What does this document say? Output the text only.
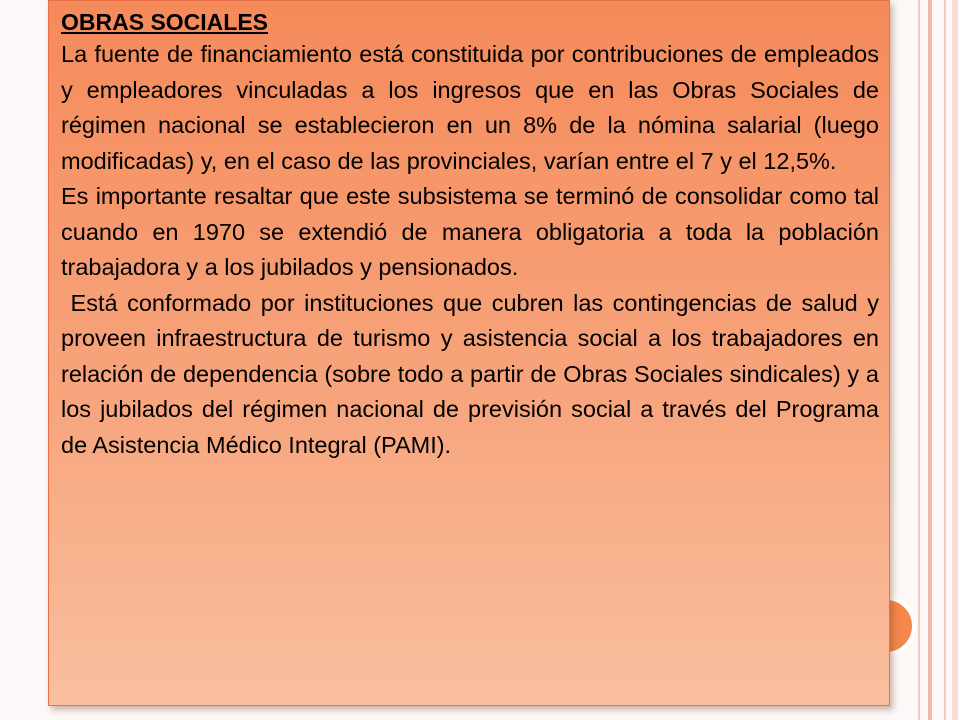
OBRAS SOCIALES

La fuente de financiamiento está constituida por contribuciones de empleados y empleadores vinculadas a los ingresos que en las Obras Sociales de régimen nacional se establecieron en un 8% de la nómina salarial (luego modificadas) y, en el caso de las provinciales, varían entre el 7 y el 12,5%.

Es importante resaltar que este subsistema se terminó de consolidar como tal cuando en 1970 se extendió de manera obligatoria a toda la población trabajadora y a los jubilados y pensionados.

Está conformado por instituciones que cubren las contingencias de salud y proveen infraestructura de turismo y asistencia social a los trabajadores en relación de dependencia (sobre todo a partir de Obras Sociales sindicales) y a los jubilados del régimen nacional de previsión social a través del Programa de Asistencia Médico Integral (PAMI).
